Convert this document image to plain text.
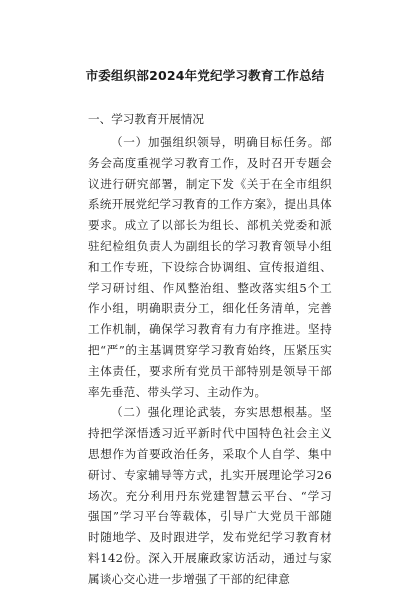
市委组织部2024年党纪学习教育工作总结
一、学习教育开展情况

（一）加强组织领导，明确目标任务。部务会高度重视学习教育工作，及时召开专题会议进行研究部署，制定下发《关于在全市组织系统开展党纪学习教育的工作方案》，提出具体要求。成立了以部长为组长、部机关党委和派驻纪检组负责人为副组长的学习教育领导小组和工作专班，下设综合协调组、宣传报道组、学习研讨组、作风整治组、整改落实组5个工作小组，明确职责分工，细化任务清单，完善工作机制，确保学习教育有力有序推进。坚持把“严”的主基调贯穿学习教育始终，压紧压实主体责任，要求所有党员干部特别是领导干部率先垂范、带头学习、主动作为。

（二）强化理论武装，夯实思想根基。坚持把学深悟透习近平新时代中国特色社会主义思想作为首要政治任务，采取个人自学、集中研讨、专家辅导等方式，扎实开展理论学习26场次。充分利用丹东党建智慧云平台、“学习强国”学习平台等载体，引导广大党员干部随时随地学、及时跟进学，发布党纪学习教育材料142份。深入开展廉政家访活动，通过与家属谈心交心进一步增强了干部的纪律意
